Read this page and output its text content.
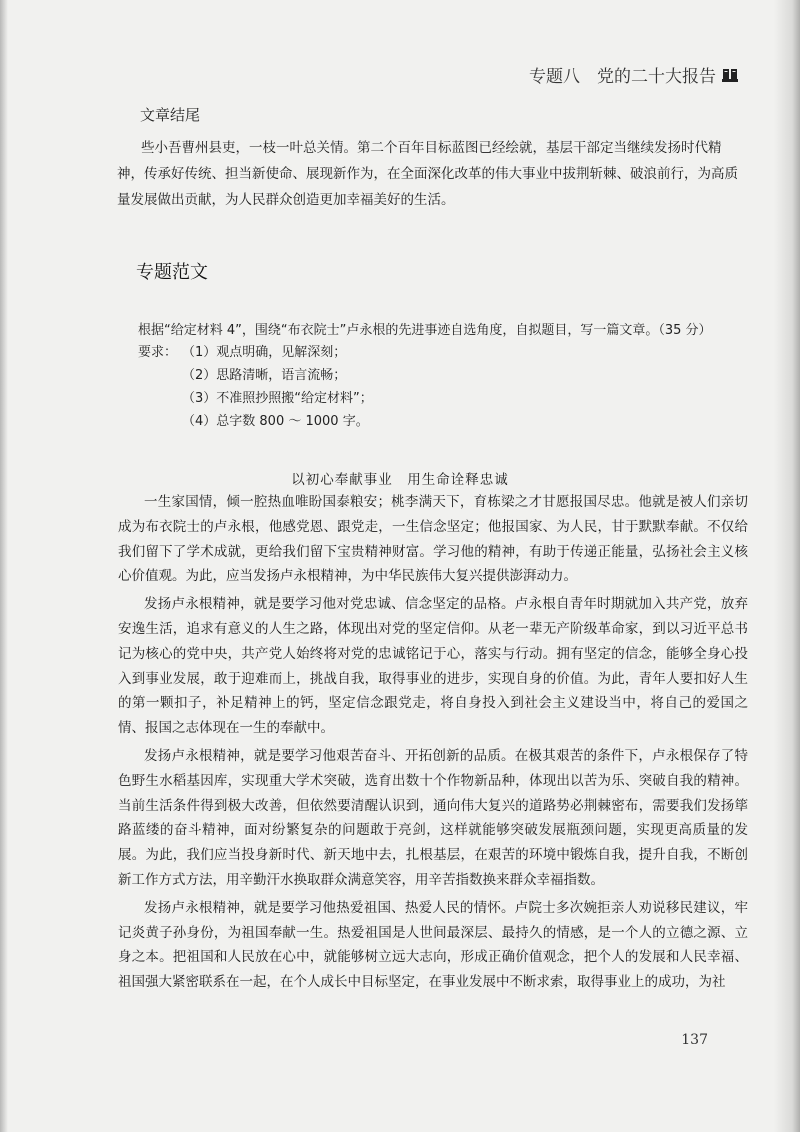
专题八　党的二十大报告
文章结尾

些小吾曹州县吏，一枝一叶总关情。第二个百年目标蓝图已经绘就，基层干部定当继续发扬时代精神，传承好传统、担当新使命、展现新作为，在全面深化改革的伟大事业中拔荆斩棘、破浪前行，为高质量发展做出贡献，为人民群众创造更加幸福美好的生活。

专题范文

根据“给定材料 4”，围绕“布衣院士”卢永根的先进事迹自选角度，自拟题目，写一篇文章。（35 分）

要求： （1）观点明确，见解深刻；
（2）思路清晰，语言流畅；
（3）不准照抄照搬“给定材料”；
（4）总字数 800 ～ 1000 字。
以初心奉献事业　用生命诠释忠诚

一生家国情，倾一腔热血唯盼国泰粮安；桃李满天下，育栋梁之才甘愿报国尽忠。他就是被人们亲切成为布衣院士的卢永根，他感党恩、跟党走，一生信念坚定；他报国家、为人民，甘于默默奉献。不仅给我们留下了学术成就，更给我们留下宝贵精神财富。学习他的精神，有助于传递正能量，弘扬社会主义核心价值观。为此，应当发扬卢永根精神，为中华民族伟大复兴提供澎湃动力。

发扬卢永根精神，就是要学习他对党忠诚、信念坚定的品格。卢永根自青年时期就加入共产党，放弃安逸生活，追求有意义的人生之路，体现出对党的坚定信仰。从老一辈无产阶级革命家，到以习近平总书记为核心的党中央，共产党人始终将对党的忠诚铭记于心，落实与行动。拥有坚定的信念，能够全身心投入到事业发展，敢于迎难而上，挑战自我，取得事业的进步，实现自身的价值。为此，青年人要扣好人生的第一颗扣子，补足精神上的钙，坚定信念跟党走，将自身投入到社会主义建设当中，将自己的爱国之情、报国之志体现在一生的奉献中。

发扬卢永根精神，就是要学习他艰苦奋斗、开拓创新的品质。在极其艰苦的条件下，卢永根保存了特色野生水稻基因库，实现重大学术突破，选育出数十个作物新品种，体现出以苦为乐、突破自我的精神。当前生活条件得到极大改善，但依然要清醒认识到，通向伟大复兴的道路势必荆棘密布，需要我们发扬筚路蓝缕的奋斗精神，面对纷繁复杂的问题敢于亮剑，这样就能够突破发展瓶颈问题，实现更高质量的发展。为此，我们应当投身新时代、新天地中去，扎根基层，在艰苦的环境中锻炼自我，提升自我，不断创新工作方式方法，用辛勤汗水换取群众满意笑容，用辛苦指数换来群众幸福指数。

发扬卢永根精神，就是要学习他热爱祖国、热爱人民的情怀。卢院士多次婉拒亲人劝说移民建议，牢记炎黄子孙身份，为祖国奉献一生。热爱祖国是人世间最深层、最持久的情感，是一个人的立德之源、立身之本。把祖国和人民放在心中，就能够树立远大志向，形成正确价值观念，把个人的发展和人民幸福、祖国强大紧密联系在一起，在个人成长中目标坚定，在事业发展中不断求索，取得事业上的成功，为社

137
